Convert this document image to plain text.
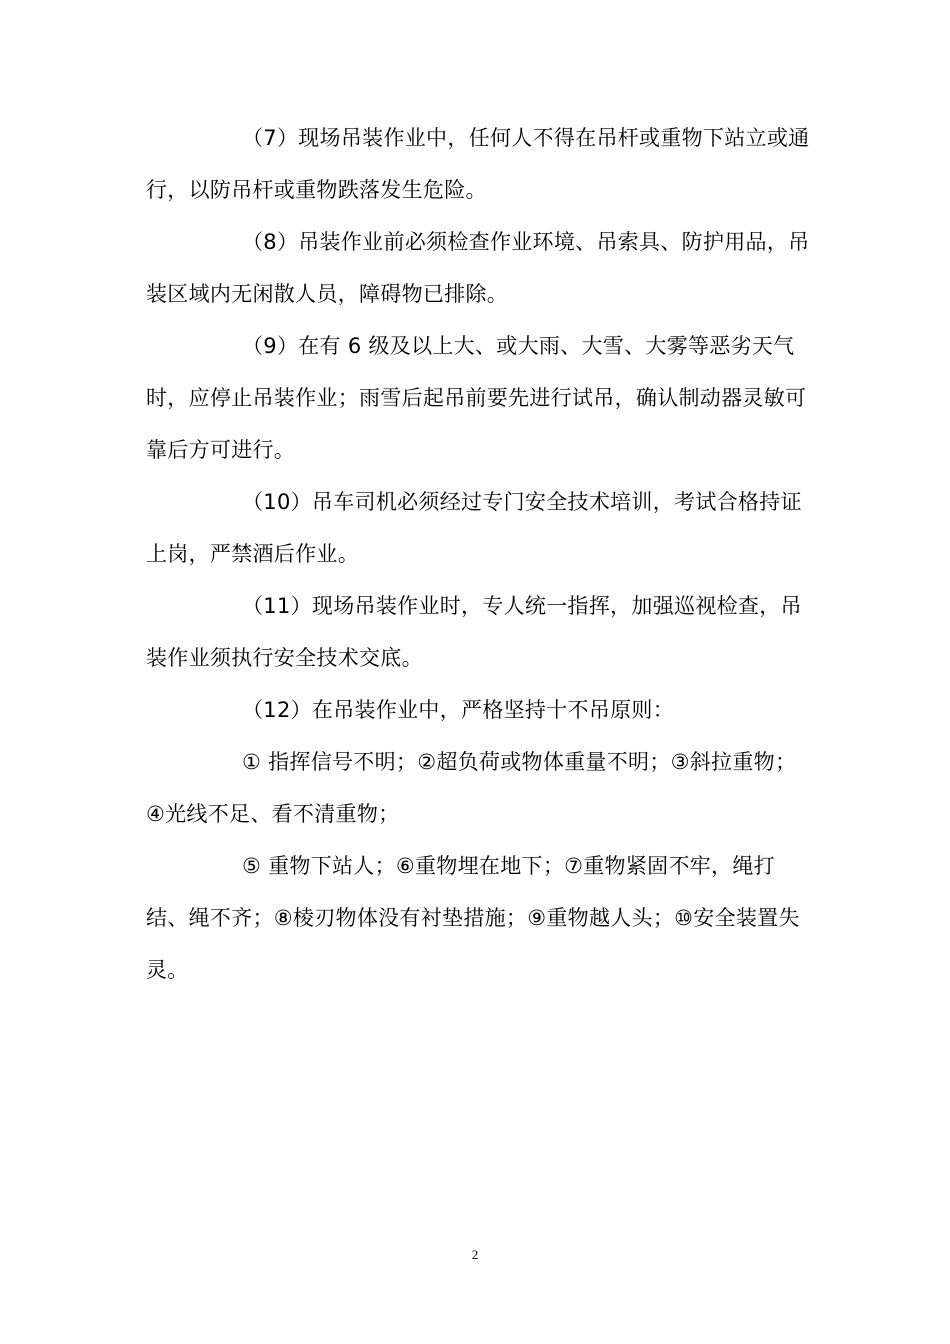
（7）现场吊装作业中，任何人不得在吊杆或重物下站立或通行，以防吊杆或重物跌落发生危险。

（8）吊装作业前必须检查作业环境、吊索具、防护用品，吊装区域内无闲散人员，障碍物已排除。

（9）在有 6 级及以上大、或大雨、大雪、大雾等恶劣天气时，应停止吊装作业；雨雪后起吊前要先进行试吊，确认制动器灵敏可靠后方可进行。

（10）吊车司机必须经过专门安全技术培训，考试合格持证上岗，严禁酒后作业。

（11）现场吊装作业时，专人统一指挥，加强巡视检查，吊装作业须执行安全技术交底。

（12）在吊装作业中，严格坚持十不吊原则：

① 指挥信号不明；②超负荷或物体重量不明；③斜拉重物；④光线不足、看不清重物；

⑤ 重物下站人；⑥重物埋在地下；⑦重物紧固不牢，绳打结、绳不齐；⑧棱刃物体没有衬垫措施；⑨重物越人头；⑩安全装置失灵。

2
